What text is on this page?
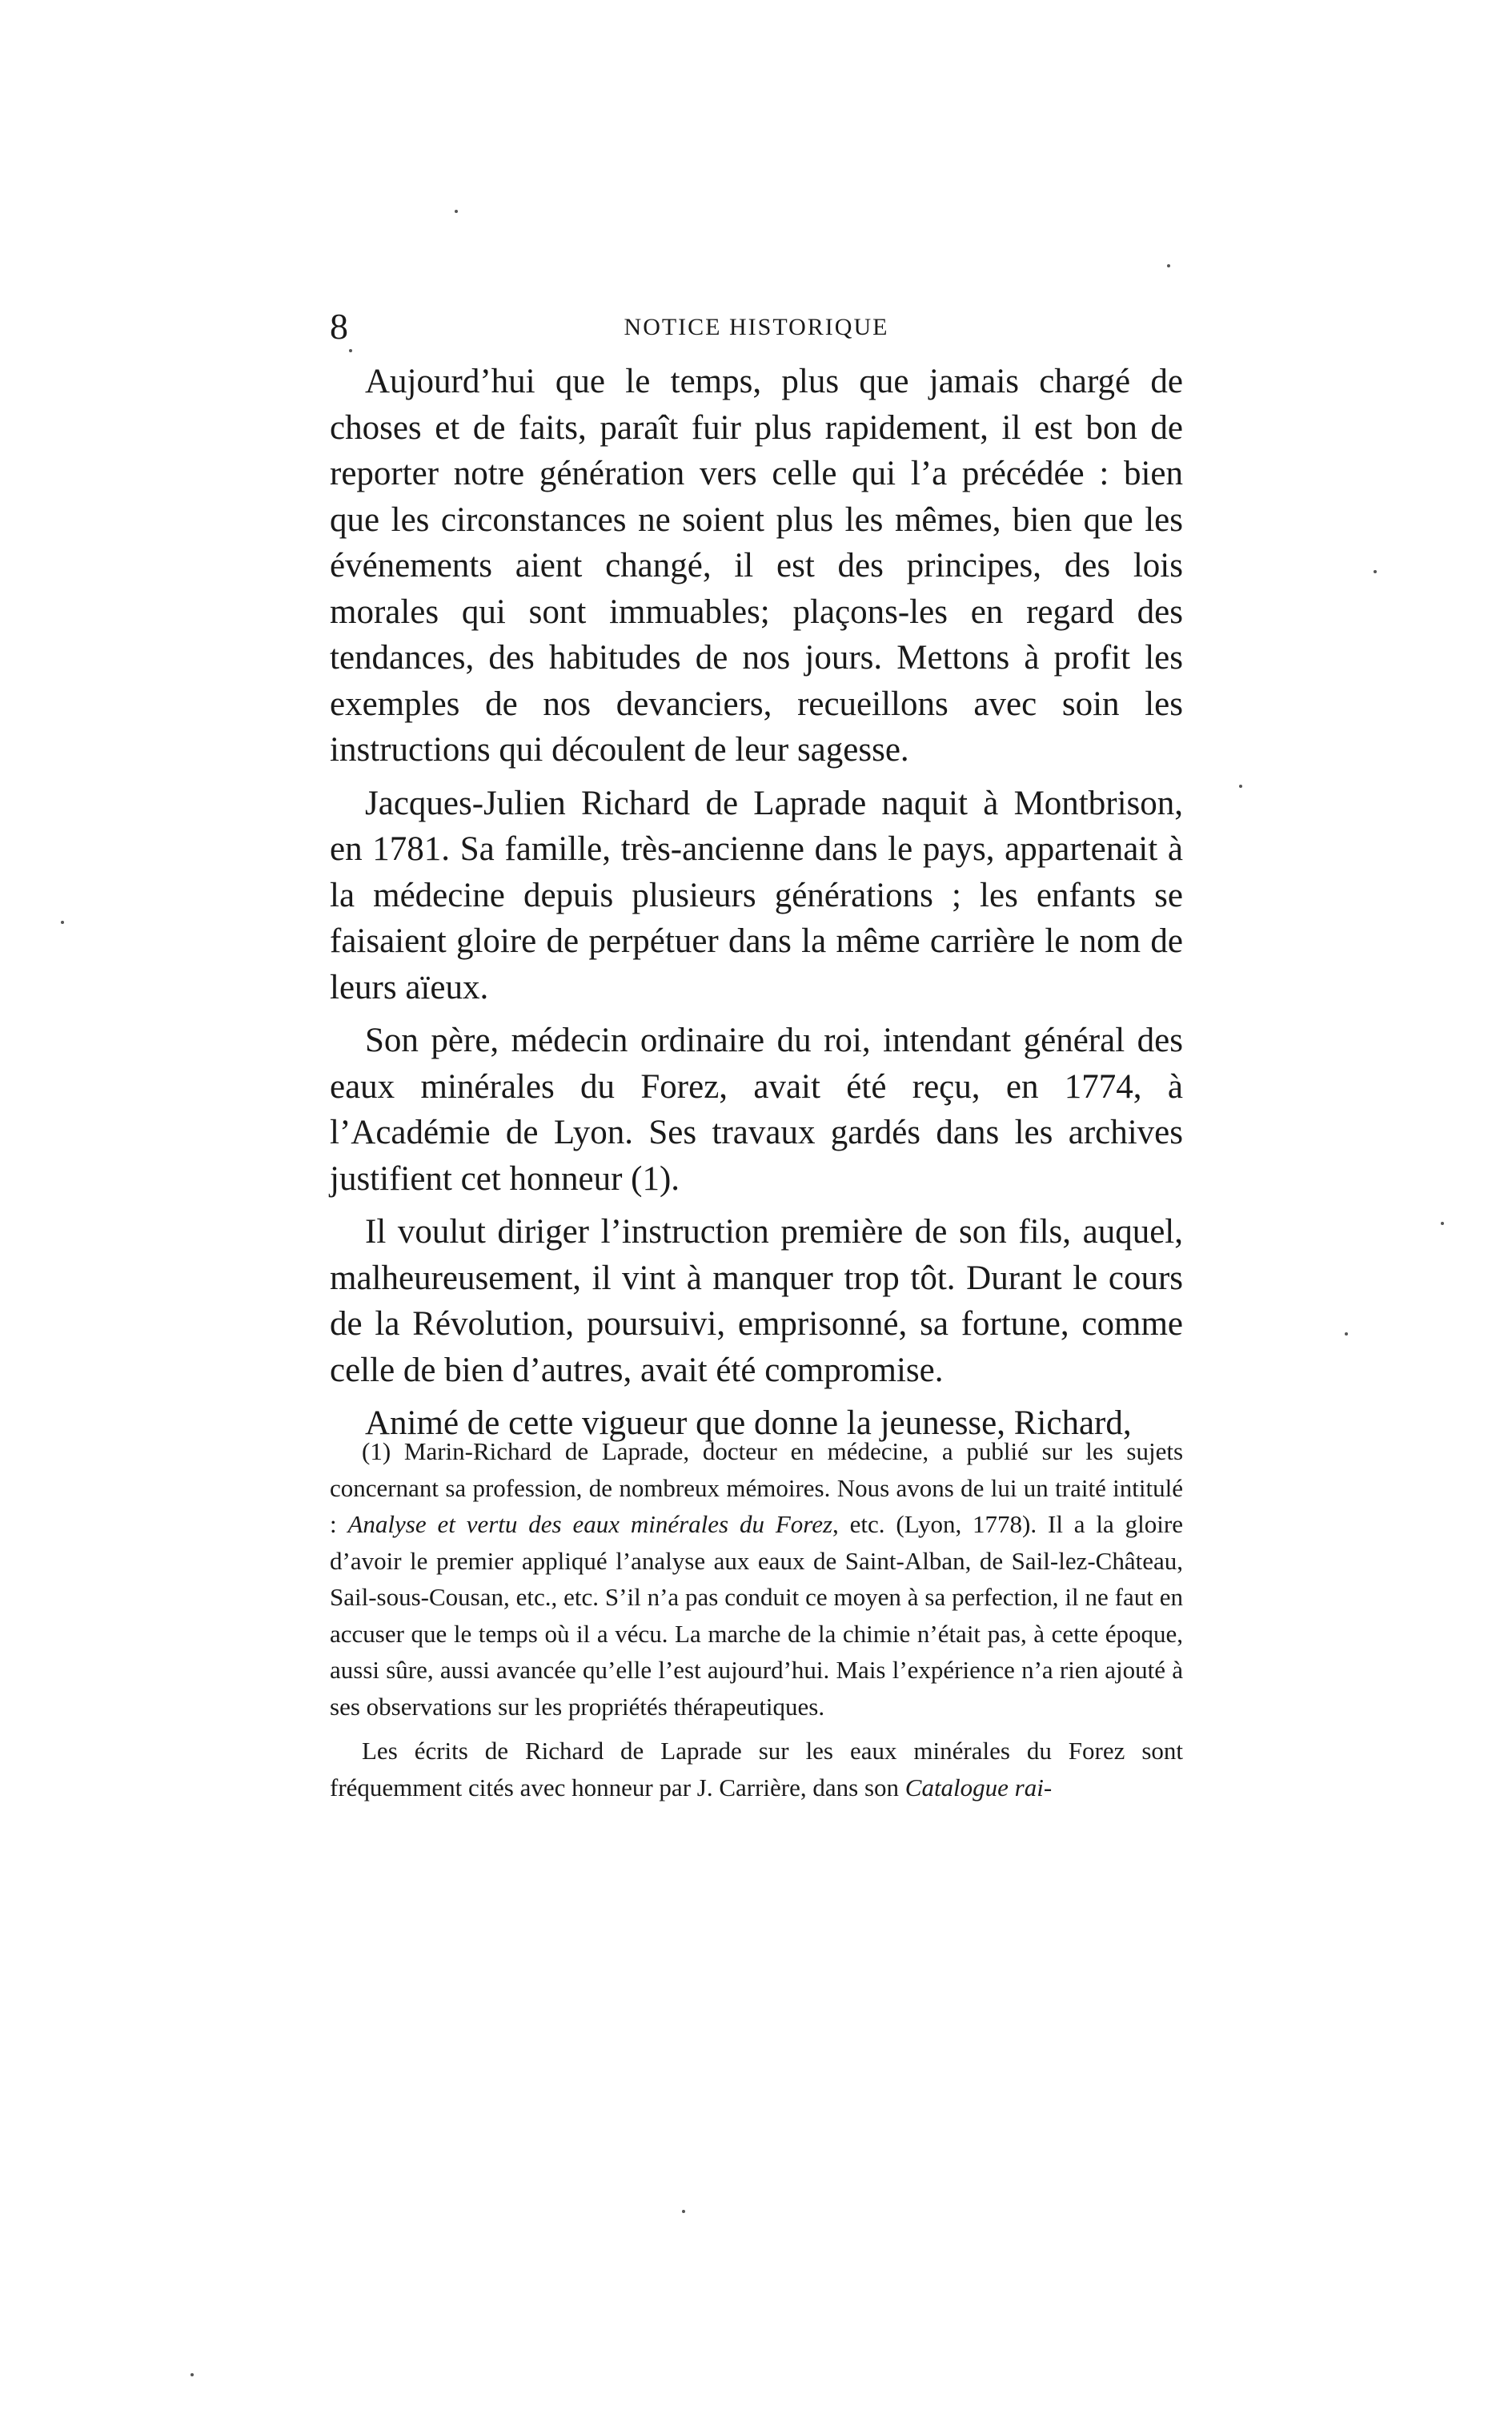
8	NOTICE HISTORIQUE

Aujourd’hui que le temps, plus que jamais chargé de choses et de faits, paraît fuir plus rapidement, il est bon de reporter notre génération vers celle qui l’a précédée : bien que les circonstances ne soient plus les mêmes, bien que les événements aient changé, il est des principes, des lois morales qui sont immuables; plaçons-les en regard des tendances, des habitudes de nos jours. Mettons à profit les exemples de nos devanciers, recueillons avec soin les instructions qui découlent de leur sagesse.

Jacques-Julien Richard de Laprade naquit à Montbrison, en 1781. Sa famille, très-ancienne dans le pays, appartenait à la médecine depuis plusieurs générations ; les enfants se faisaient gloire de perpétuer dans la même carrière le nom de leurs aïeux.

Son père, médecin ordinaire du roi, intendant général des eaux minérales du Forez, avait été reçu, en 1774, à l’Académie de Lyon. Ses travaux gardés dans les archives justifient cet honneur (1).

Il voulut diriger l’instruction première de son fils, auquel, malheureusement, il vint à manquer trop tôt. Durant le cours de la Révolution, poursuivi, emprisonné, sa fortune, comme celle de bien d’autres, avait été compromise.

Animé de cette vigueur que donne la jeunesse, Richard,

(1) Marin-Richard de Laprade, docteur en médecine, a publié sur les sujets concernant sa profession, de nombreux mémoires. Nous avons de lui un traité intitulé : Analyse et vertu des eaux minérales du Forez, etc. (Lyon, 1778). Il a la gloire d’avoir le premier appliqué l’analyse aux eaux de Saint-Alban, de Sail-lez-Château, Sail-sous-Cousan, etc., etc. S’il n’a pas conduit ce moyen à sa perfection, il ne faut en accuser que le temps où il a vécu. La marche de la chimie n’était pas, à cette époque, aussi sûre, aussi avancée qu’elle l’est aujourd’hui. Mais l’expérience n’a rien ajouté à ses observations sur les propriétés thérapeutiques.

Les écrits de Richard de Laprade sur les eaux minérales du Forez sont fréquemment cités avec honneur par J. Carrière, dans son Catalogue rai-
